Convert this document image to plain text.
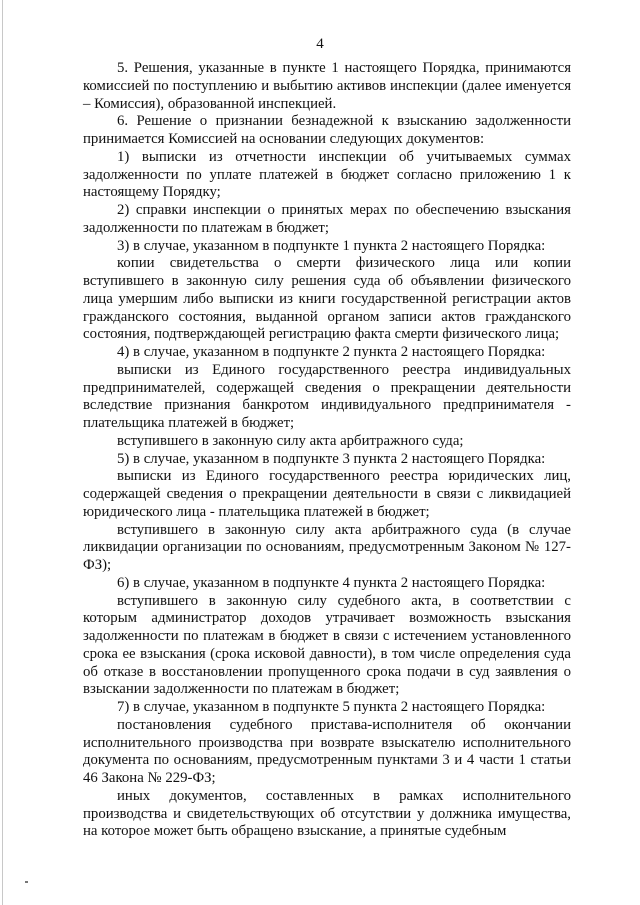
4

5. Решения, указанные в пункте 1 настоящего Порядка, принимаются комиссией по поступлению и выбытию активов инспекции (далее именуется – Комиссия), образованной инспекцией.

6. Решение о признании безнадежной к взысканию задолженности принимается Комиссией на основании следующих документов:

1) выписки из отчетности инспекции об учитываемых суммах задолженности по уплате платежей в бюджет согласно приложению 1 к настоящему Порядку;

2) справки инспекции о принятых мерах по обеспечению взыскания задолженности по платежам в бюджет;

3) в случае, указанном в подпункте 1 пункта 2 настоящего Порядка:

копии свидетельства о смерти физического лица или копии вступившего в законную силу решения суда об объявлении физического лица умершим либо выписки из книги государственной регистрации актов гражданского состояния, выданной органом записи актов гражданского состояния, подтверждающей регистрацию факта смерти физического лица;

4) в случае, указанном в подпункте 2 пункта 2 настоящего Порядка:

выписки из Единого государственного реестра индивидуальных предпринимателей, содержащей сведения о прекращении деятельности вследствие признания банкротом индивидуального предпринимателя - плательщика платежей в бюджет;

вступившего в законную силу акта арбитражного суда;

5) в случае, указанном в подпункте 3 пункта 2 настоящего Порядка:

выписки из Единого государственного реестра юридических лиц, содержащей сведения о прекращении деятельности в связи с ликвидацией юридического лица - плательщика платежей в бюджет;

вступившего в законную силу акта арбитражного суда (в случае ликвидации организации по основаниям, предусмотренным Законом № 127-ФЗ);

6) в случае, указанном в подпункте 4 пункта 2 настоящего Порядка:

вступившего в законную силу судебного акта, в соответствии с которым администратор доходов утрачивает возможность взыскания задолженности по платежам в бюджет в связи с истечением установленного срока ее взыскания (срока исковой давности), в том числе определения суда об отказе в восстановлении пропущенного срока подачи в суд заявления о взыскании задолженности по платежам в бюджет;

7) в случае, указанном в подпункте 5 пункта 2 настоящего Порядка:

постановления судебного пристава-исполнителя об окончании исполнительного производства при возврате взыскателю исполнительного документа по основаниям, предусмотренным пунктами 3 и 4 части 1 статьи 46 Закона № 229-ФЗ;

иных документов, составленных в рамках исполнительного производства и свидетельствующих об отсутствии у должника имущества, на которое может быть обращено взыскание, а принятые судебным
